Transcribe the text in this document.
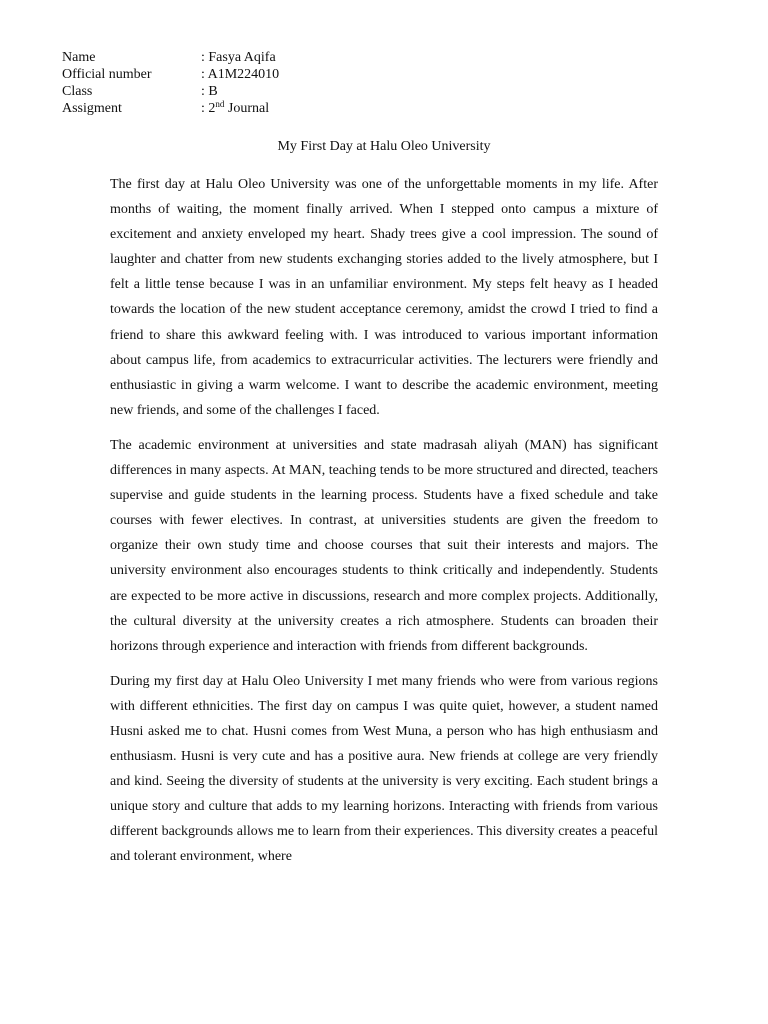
Name	: Fasya Aqifa
Official number	: A1M224010
Class	: B
Assigment	: 2nd Journal
My First Day at Halu Oleo University

The first day at Halu Oleo University was one of the unforgettable moments in my life. After months of waiting, the moment finally arrived. When I stepped onto campus a mixture of excitement and anxiety enveloped my heart. Shady trees give a cool impression. The sound of laughter and chatter from new students exchanging stories added to the lively atmosphere, but I felt a little tense because I was in an unfamiliar environment. My steps felt heavy as I headed towards the location of the new student acceptance ceremony, amidst the crowd I tried to find a friend to share this awkward feeling with. I was introduced to various important information about campus life, from academics to extracurricular activities. The lecturers were friendly and enthusiastic in giving a warm welcome. I want to describe the academic environment, meeting new friends, and some of the challenges I faced.

The academic environment at universities and state madrasah aliyah (MAN) has significant differences in many aspects. At MAN, teaching tends to be more structured and directed, teachers supervise and guide students in the learning process. Students have a fixed schedule and take courses with fewer electives. In contrast, at universities students are given the freedom to organize their own study time and choose courses that suit their interests and majors. The university environment also encourages students to think critically and independently. Students are expected to be more active in discussions, research and more complex projects. Additionally, the cultural diversity at the university creates a rich atmosphere. Students can broaden their horizons through experience and interaction with friends from different backgrounds.

During my first day at Halu Oleo University I met many friends who were from various regions with different ethnicities. The first day on campus I was quite quiet, however, a student named Husni asked me to chat. Husni comes from West Muna, a person who has high enthusiasm and enthusiasm. Husni is very cute and has a positive aura. New friends at college are very friendly and kind. Seeing the diversity of students at the university is very exciting. Each student brings a unique story and culture that adds to my learning horizons. Interacting with friends from various different backgrounds allows me to learn from their experiences. This diversity creates a peaceful and tolerant environment, where
